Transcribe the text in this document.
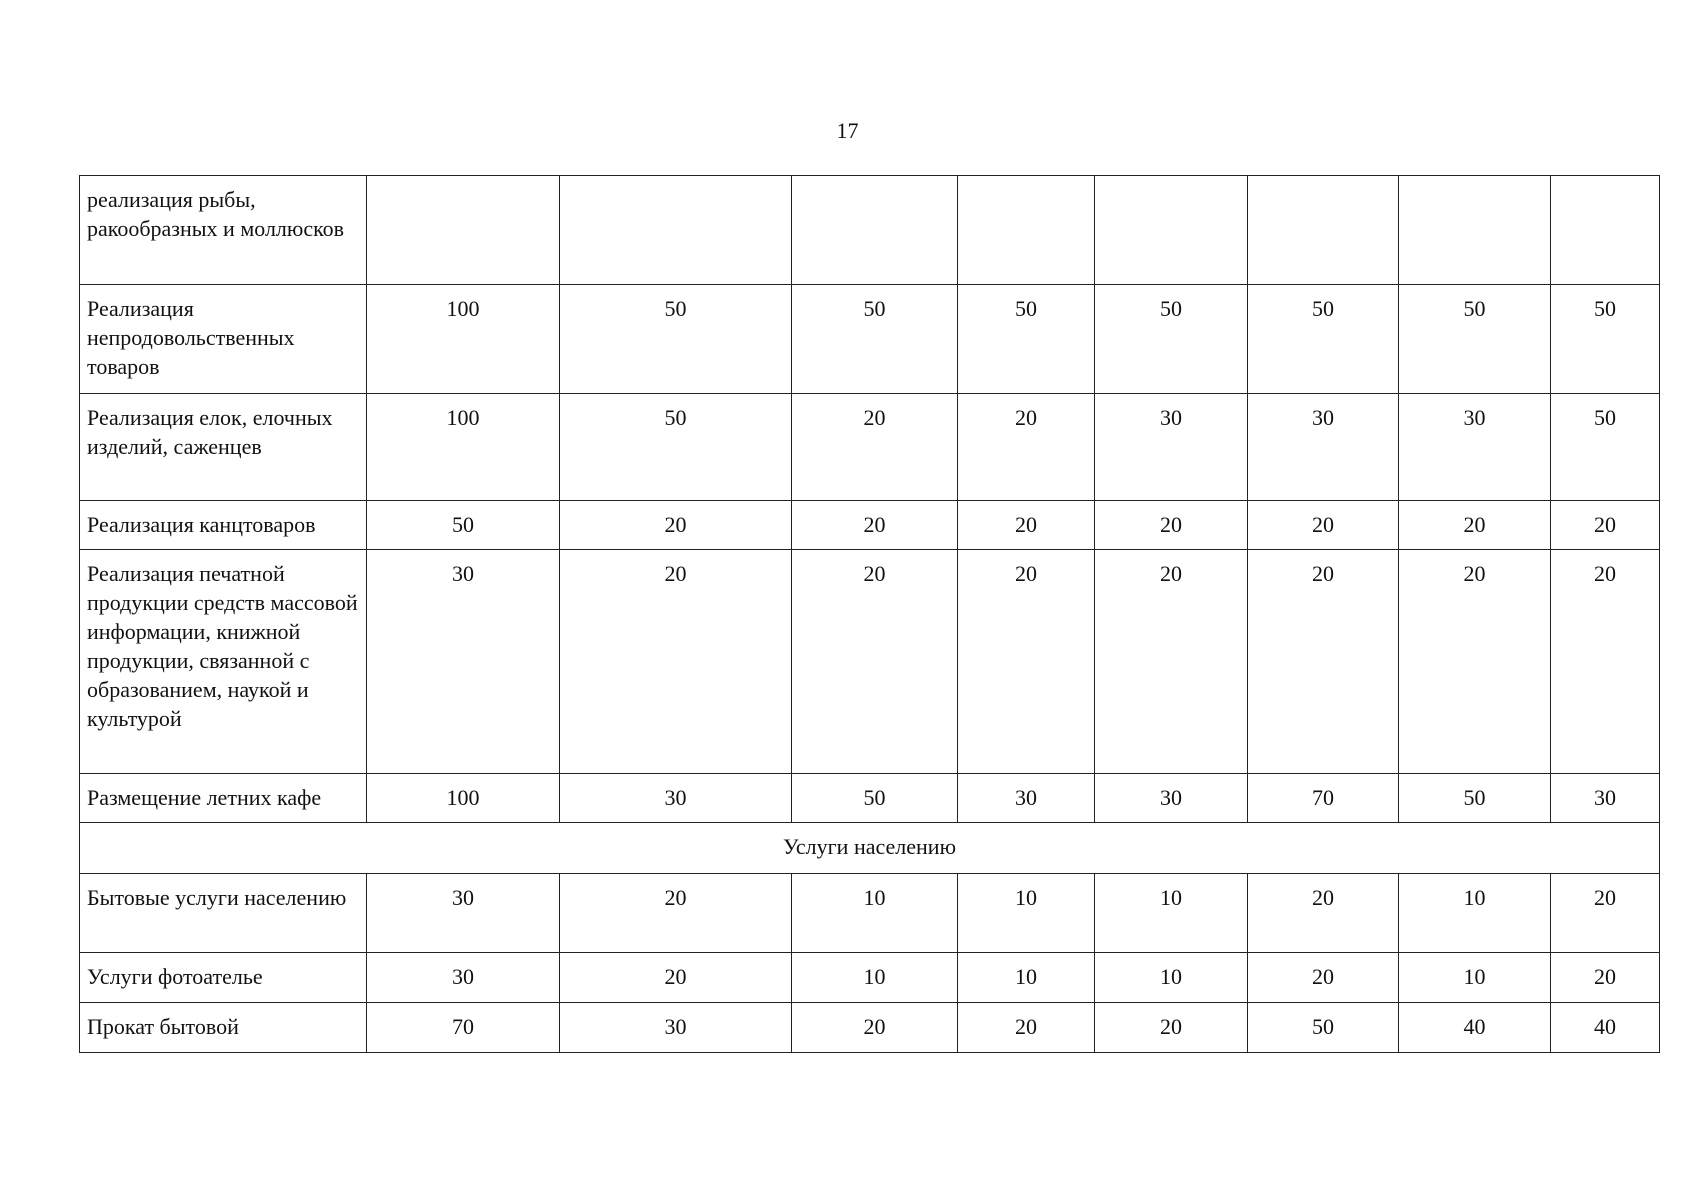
17
реализация рыбы, ракообразных и моллюсков								
Реализация непродовольственных товаров	100	50	50	50	50	50	50	50
Реализация елок, елочных изделий, саженцев	100	50	20	20	30	30	30	50
Реализация канцтоваров	50	20	20	20	20	20	20	20
Реализация печатной продукции средств массовой информации, книжной продукции, связанной с образованием, наукой и культурой	30	20	20	20	20	20	20	20
Размещение летних кафе	100	30	50	30	30	70	50	30
Услуги населению								
Бытовые услуги населению	30	20	10	10	10	20	10	20
Услуги фотоателье	30	20	10	10	10	20	10	20
Прокат бытовой	70	30	20	20	20	50	40	40
